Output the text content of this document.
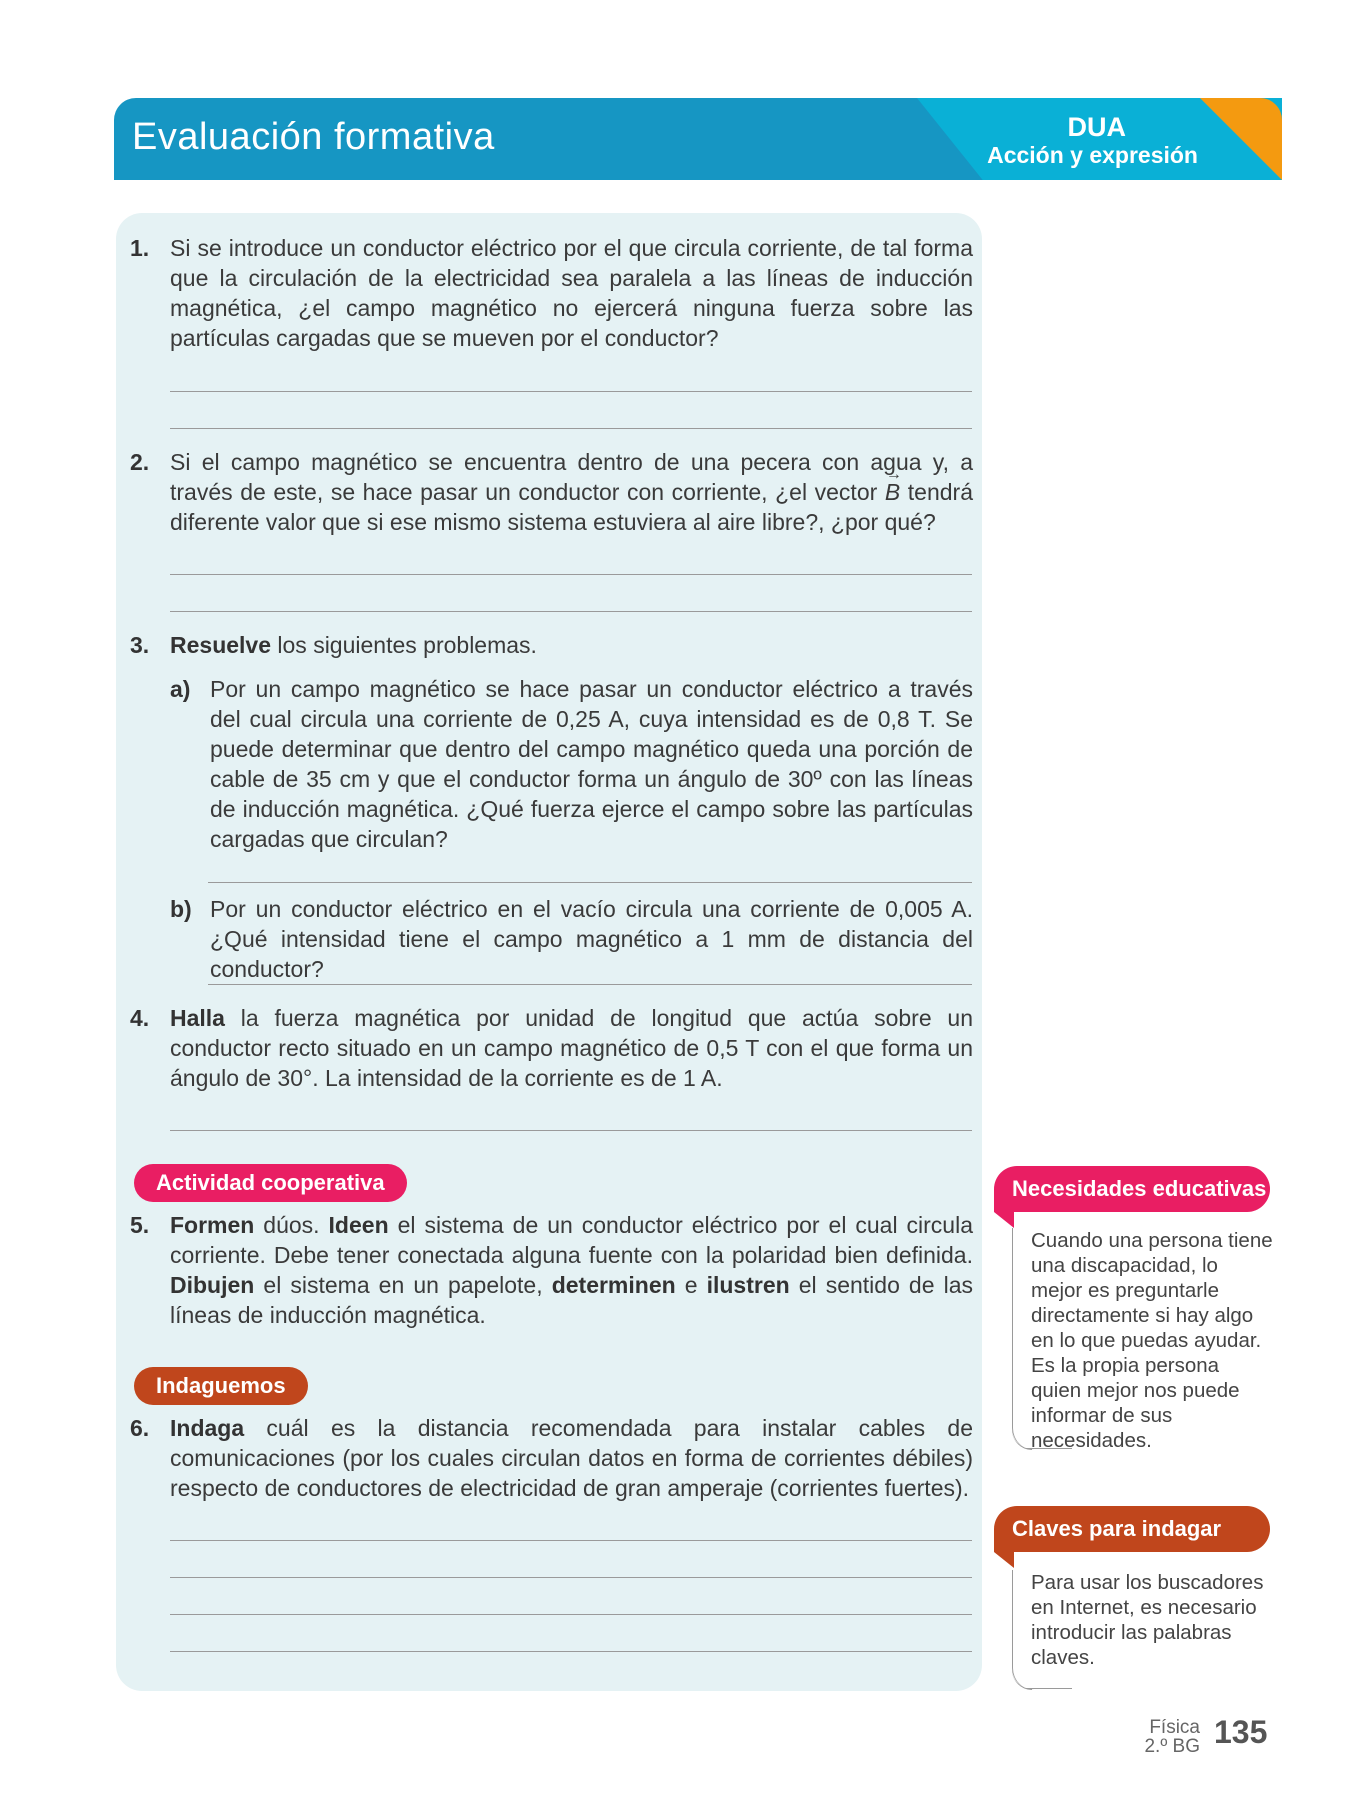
Evaluación formativa	DUA
Acción y expresión
1. Si se introduce un conductor eléctrico por el que circula corriente, de tal forma que la circulación de la electricidad sea paralela a las líneas de inducción magnética, ¿el campo magnético no ejercerá ninguna fuerza sobre las partículas cargadas que se mueven por el conductor?
2. Si el campo magnético se encuentra dentro de una pecera con agua y, a través de este, se hace pasar un conductor con corriente, ¿el vector → B tendrá diferente valor que si ese mismo sistema estuviera al aire libre?, ¿por qué?
3. Resuelve los siguientes problemas.
a) Por un campo magnético se hace pasar un conductor eléctrico a través del cual circula una corriente de 0,25 A, cuya intensidad es de 0,8 T. Se puede determinar que dentro del campo magnético queda una porción de cable de 35 cm y que el conductor forma un ángulo de 30º con las líneas de inducción magnética. ¿Qué fuerza ejerce el campo sobre las partículas cargadas que circulan?
b) Por un conductor eléctrico en el vacío circula una corriente de 0,005 A. ¿Qué intensidad tiene el campo magnético a 1 mm de distancia del conductor?
4. Halla la fuerza magnética por unidad de longitud que actúa sobre un conductor recto situado en un campo magnético de 0,5 T con el que forma un ángulo de 30°. La intensidad de la corriente es de 1 A.
Actividad cooperativa
5. Formen dúos. Ideen el sistema de un conductor eléctrico por el cual circula corriente. Debe tener conectada alguna fuente con la polaridad bien definida. Dibujen el sistema en un papelote, determinen e ilustren el sentido de las líneas de inducción magnética.
Indaguemos
6. Indaga cuál es la distancia recomendada para instalar cables de comunicaciones (por los cuales circulan datos en forma de corrientes débiles) respecto de conductores de electricidad de gran amperaje (corrientes fuertes).
Necesidades educativas
Cuando una persona tiene una discapacidad, lo mejor es preguntarle directamente si hay algo en lo que puedas ayudar. Es la propia persona quien mejor nos puede informar de sus necesidades.
Claves para indagar
Para usar los buscadores en Internet, es necesario introducir las palabras claves.
Física
2.º BG 135
